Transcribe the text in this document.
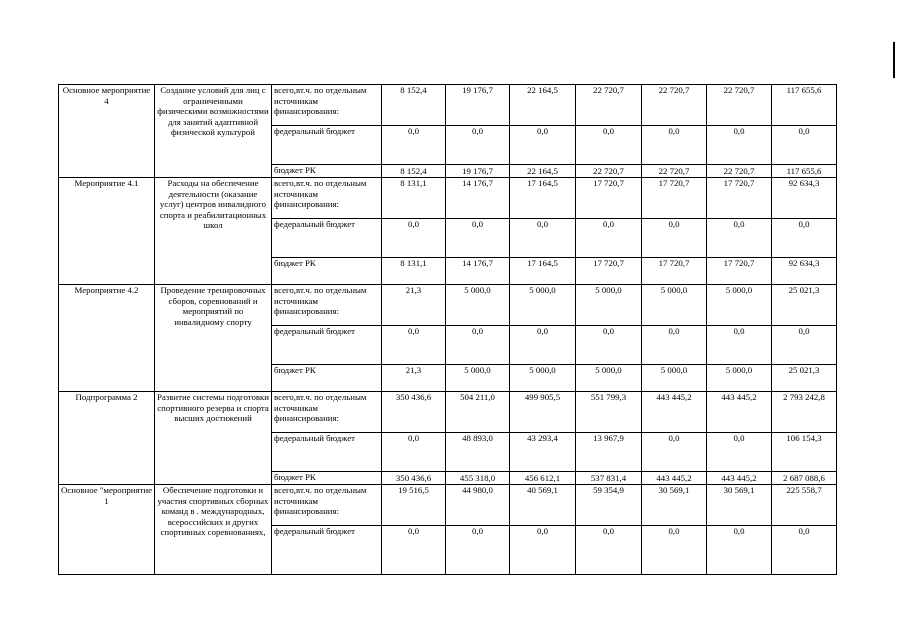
Основное мероприятие 4	Создание условий для лиц с ограниченными физическими возможностями для занятий адаптивной физической культурой	всего,вт.ч. по отдельным источникам финансирования:	8 152,4	19 176,7	22 164,5	22 720,7	22 720,7	22 720,7	117 655,6
		федеральный бюджет	0,0	0,0	0,0	0,0	0,0	0,0	0,0
		бюджет РК	8 152,4	19 176,7	22 164,5	22 720,7	22 720,7	22 720,7	117 655,6
Мероприятие 4.1	Расходы на обеспечение деятельности (оказание услуг) центров инвалидного спорта и реабилитационных школ	всего,вт.ч. по отдельным источникам финансирования:	8 131,1	14 176,7	17 164,5	17 720,7	17 720,7	17 720,7	92 634,3
		федеральный бюджет	0,0	0,0	0,0	0,0	0,0	0,0	0,0
		бюджет РК	8 131,1	14 176,7	17 164,5	17 720,7	17 720,7	17 720,7	92 634,3
Мероприятие 4.2	Проведение тренировочных сборов, соревнований и мероприятий по инвалидному спорту	всего,вт.ч. по отдельным источникам финансирования:	21,3	5 000,0	5 000,0	5 000,0	5 000,0	5 000,0	25 021,3
		федеральный бюджет	0,0	0,0	0,0	0,0	0,0	0,0	0,0
		бюджет РК	21,3	5 000,0	5 000,0	5 000,0	5 000,0	5 000,0	25 021,3
Подпрограмма 2	Развитие системы подготовки спортивного резерва и спорта высших достижений	всего,вт.ч. по отдельным источникам финансирования:	350 436,6	504 211,0	499 905,5	551 799,3	443 445,2	443 445,2	2 793 242,8
		федеральный бюджет	0,0	48 893,0	43 293,4	13 967,9	0,0	0,0	106 154,3
		бюджет РК	350 436,6	455 318,0	456 612,1	537 831,4	443 445,2	443 445,2	2 687 088,6
Основное "мероприятие 1	Обеспечение подготовки и участия спортивных сборных команд в . международных, всероссийских и других спортивных соревнованиях,	всего,вт.ч. по отдельным источникам финансирования:	19 516,5	44 980,0	40 569,1	59 354,9	30 569,1	30 569,1	225 558,7
		федеральный бюджет	0,0	0,0	0,0	0,0	0,0	0,0	0,0
